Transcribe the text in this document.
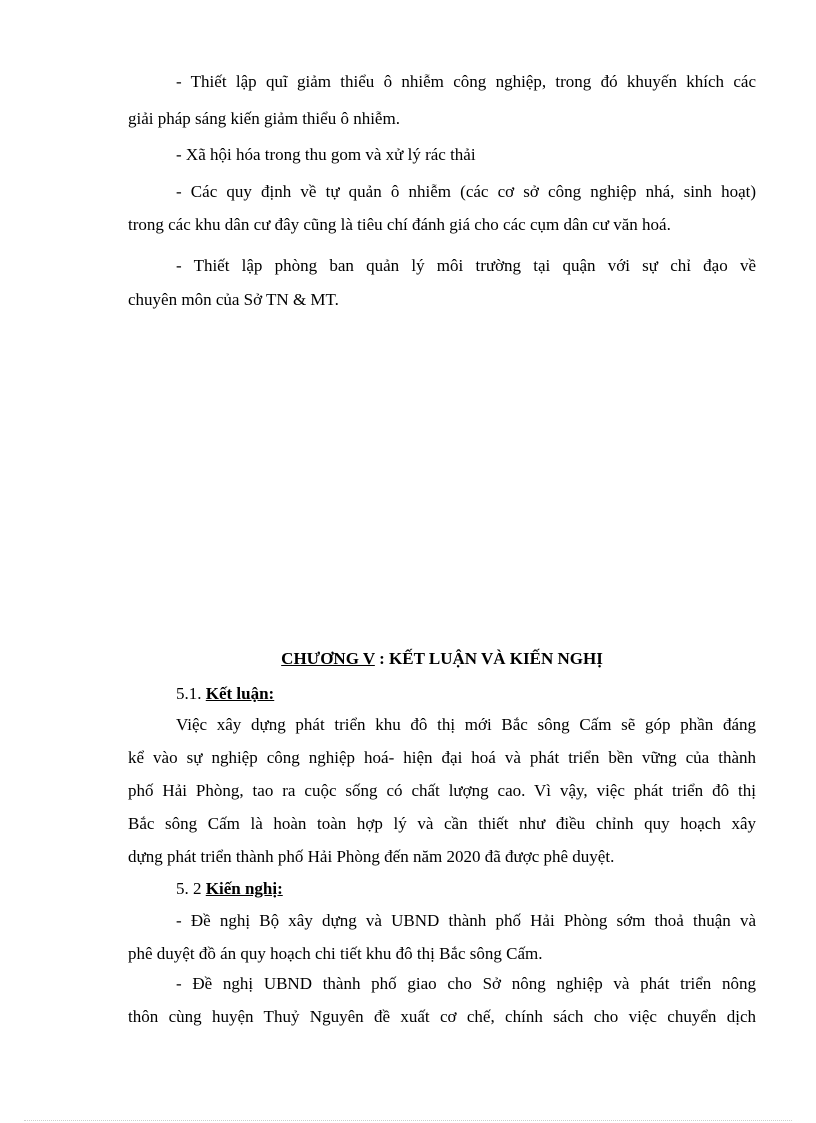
- Thiết lập quĩ giảm thiểu ô nhiễm công nghiệp, trong đó khuyến khích các
giải pháp sáng kiến giảm thiểu ô nhiễm.
- Xã hội hóa trong thu gom và xử lý rác thải
- Các quy định về tự quản ô nhiễm (các cơ sở công nghiệp nhá, sinh hoạt)
trong các khu dân cư đây cũng là tiêu chí đánh giá cho các cụm dân cư văn hoá.
- Thiết lập phòng ban quản lý môi trường tại quận với sự chỉ đạo về
chuyên môn của Sở TN & MT.
CHƯƠNG V : KẾT LUẬN VÀ KIẾN NGHỊ
5.1. Kết luận:
Việc xây dựng phát triển khu đô thị mới Bắc sông Cấm sẽ góp phần đáng
kể vào sự nghiệp công nghiệp hoá- hiện đại hoá và phát triển bền vững của thành
phố Hải Phòng, tao ra cuộc sống có chất lượng cao. Vì vậy, việc phát triển đô thị
Bắc sông Cấm là hoàn toàn hợp lý và cần thiết như điều chỉnh quy hoạch xây
dựng phát triển thành phố Hải Phòng đến năm 2020 đã được phê duyệt.
5. 2 Kiến nghị:
- Đề nghị Bộ xây dựng và UBND thành phố Hải Phòng sớm thoả thuận và
phê duyệt đồ án quy hoạch chi tiết khu đô thị Bắc sông Cấm.
- Đề nghị UBND thành phố giao cho Sở nông nghiệp và phát triển nông
thôn cùng huyện Thuỷ Nguyên đề xuất cơ chế, chính sách cho việc chuyển dịch
